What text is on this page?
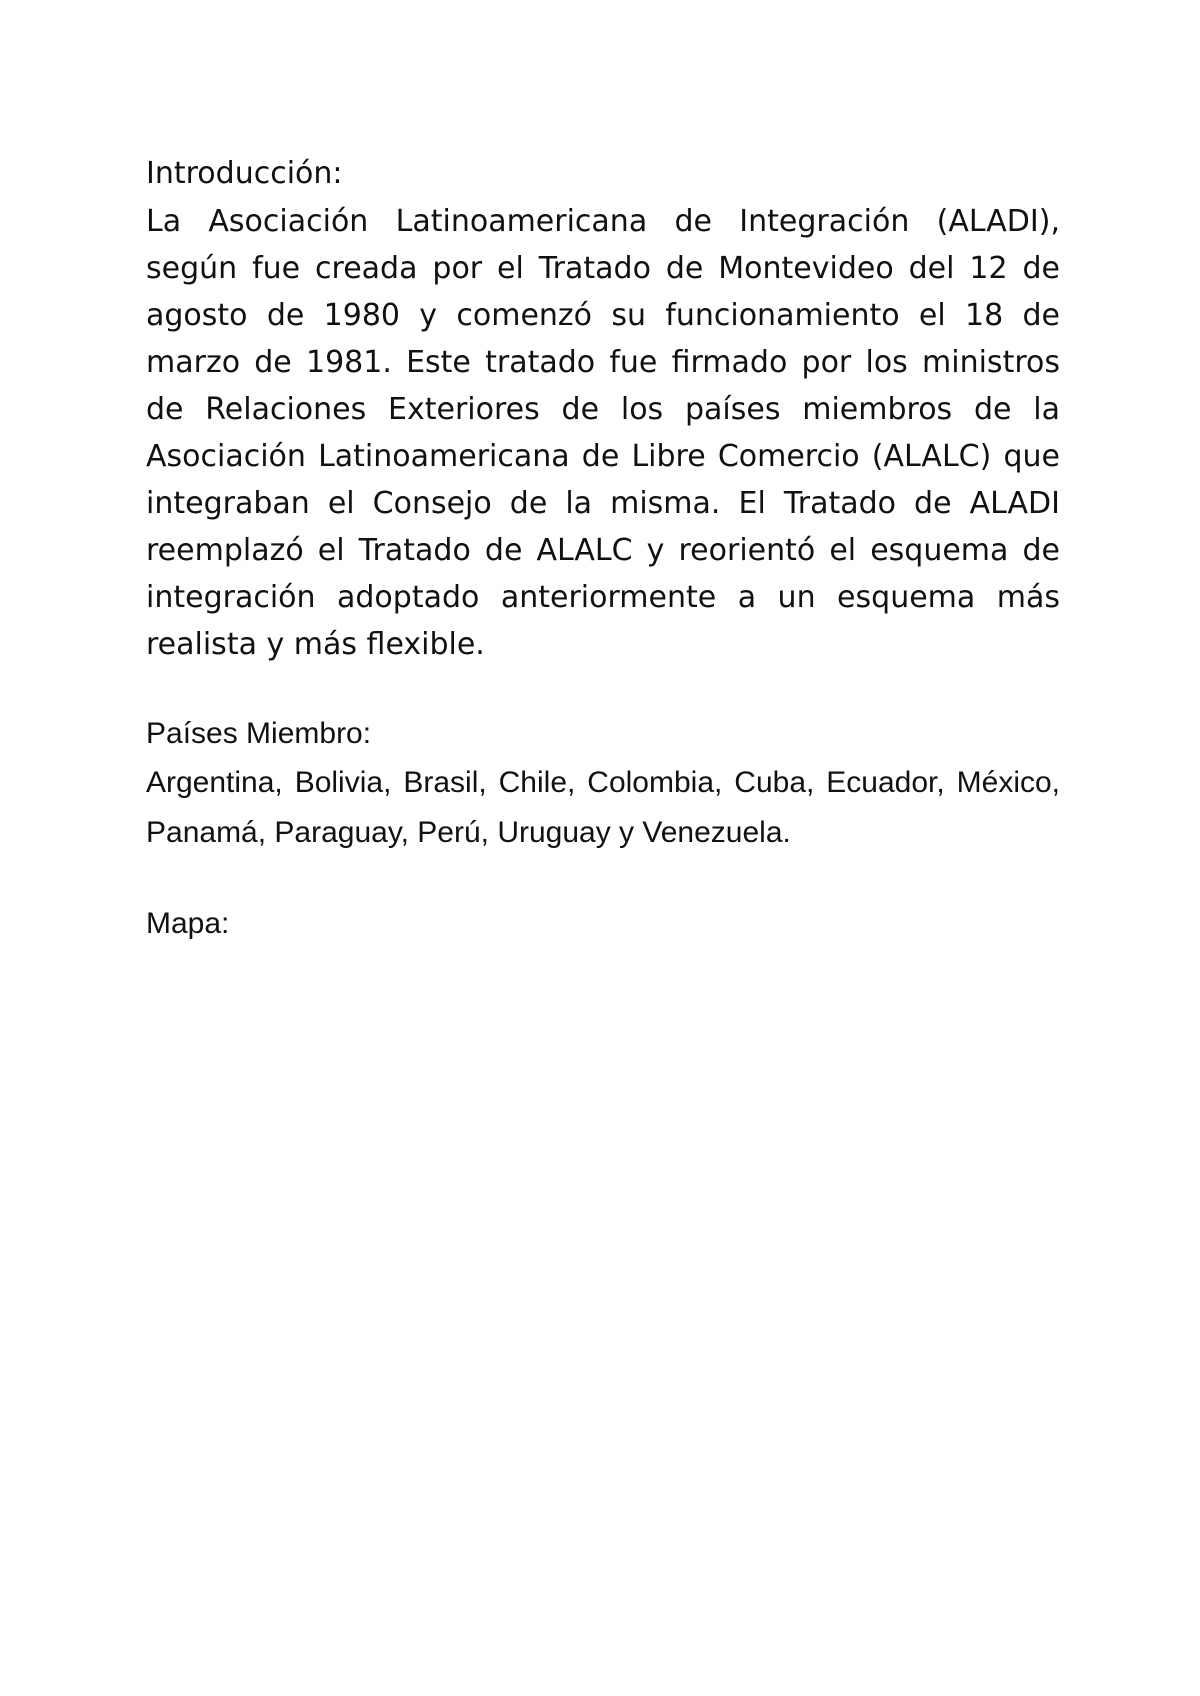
Introducción:

La Asociación Latinoamericana de Integración (ALADI), según fue creada por el Tratado de Montevideo del 12 de agosto de 1980 y comenzó su funcionamiento el 18 de marzo de 1981. Este tratado fue firmado por los ministros de Relaciones Exteriores de los países miembros de la Asociación Latinoamericana de Libre Comercio (ALALC) que integraban el Consejo de la misma. El Tratado de ALADI reemplazó el Tratado de ALALC y reorientó el esquema de integración adoptado anteriormente a un esquema más realista y más flexible.

Países Miembro:

Argentina, Bolivia, Brasil, Chile, Colombia, Cuba, Ecuador, México, Panamá, Paraguay, Perú, Uruguay y Venezuela.

Mapa:
